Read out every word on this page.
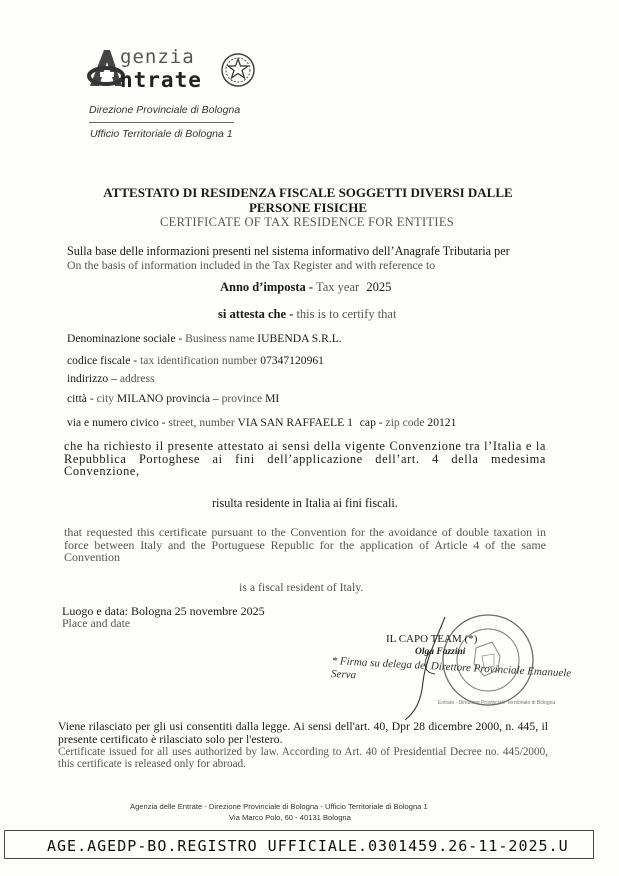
genzia
ntrate
Direzione Provinciale di Bologna
Ufficio Territoriale di Bologna 1
ATTESTATO DI RESIDENZA FISCALE SOGGETTI DIVERSI DALLE PERSONE FISICHE
CERTIFICATE OF TAX RESIDENCE FOR ENTITIES
Sulla base delle informazioni presenti nel sistema informativo dell’Anagrafe Tributaria per
On the basis of information included in the Tax Register and with reference to
Anno d’imposta - Tax year 2025
si attesta che - this is to certify that
Denominazione sociale - Business name IUBENDA S.R.L.
codice fiscale - tax identification number 07347120961
indirizzo – address
città - city MILANO provincia – province MI
via e numero civico - street, number VIA SAN RAFFAELE 1 cap - zip code 20121
che ha richiesto il presente attestato ai sensi della vigente Convenzione tra l’Italia e la Repubblica Portoghese ai fini dell’applicazione dell’art. 4 della medesima Convenzione,
risulta residente in Italia ai fini fiscali.
that requested this certificate pursuant to the Convention for the avoidance of double taxation in force between Italy and the Portuguese Republic for the application of Article 4 of the same Convention
is a fiscal resident of Italy.
Luogo e data: Bologna 25 novembre 2025
Place and date
Entrate - Direzione Provinciale Territoriale di Bologna
IL CAPO TEAM (*)
Olga Fazzini
* Firma su delega del Direttore Provinciale Emanuele Serva
Viene rilasciato per gli usi consentiti dalla legge. Ai sensi dell'art. 40, Dpr 28 dicembre 2000, n. 445, il presente certificato è rilasciato solo per l'estero.
Certificate issued for all uses authorized by law. According to Art. 40 of Presidential Decree no. 445/2000, this certificate is released only for abroad.
Agenzia delle Entrate - Direzione Provinciale di Bologna - Ufficio Territoriale di Bologna 1
Via Marco Polo, 60 - 40131 Bologna
AGE.AGEDP-BO.REGISTRO UFFICIALE.0301459.26-11-2025.U
